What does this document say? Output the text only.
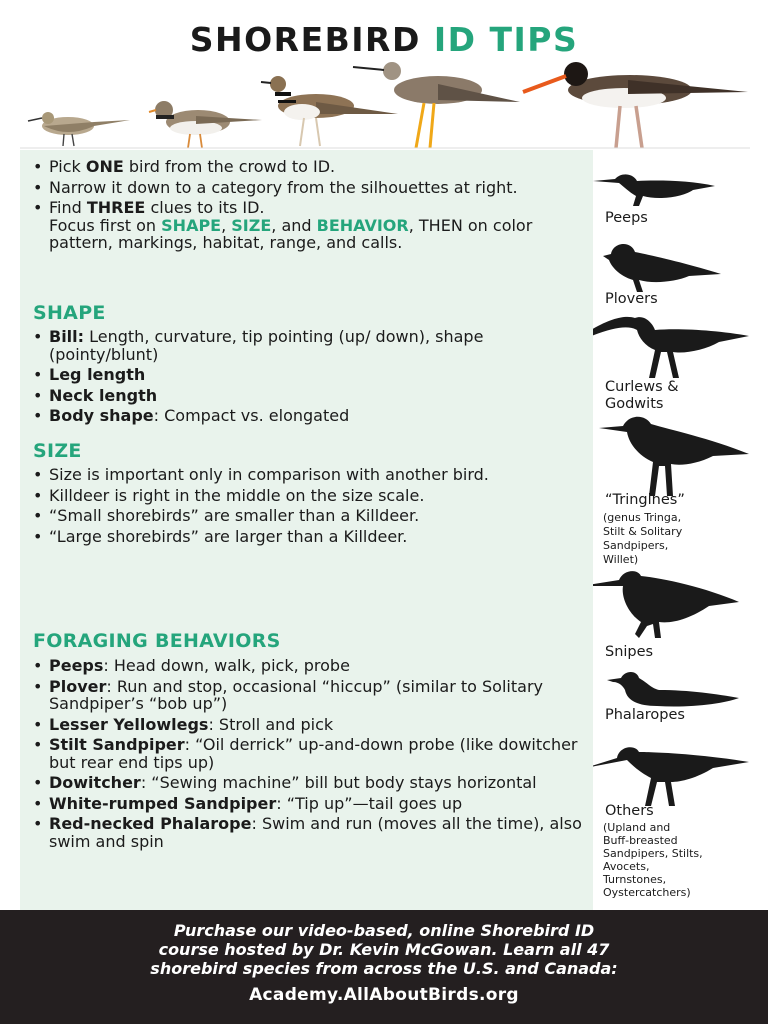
SHOREBIRD ID TIPS
• Pick ONE bird from the crowd to ID.
• Narrow it down to a category from the silhouettes at right.
• Find THREE clues to its ID.
Focus first on SHAPE, SIZE, and BEHAVIOR, THEN on color pattern, markings, habitat, range, and calls.
SHAPE
• Bill: Length, curvature, tip pointing (up/ down), shape (pointy/blunt)
• Leg length
• Neck length
• Body shape: Compact vs. elongated
SIZE
• Size is important only in comparison with another bird.
• Killdeer is right in the middle on the size scale.
• “Small shorebirds” are smaller than a Killdeer.
• “Large shorebirds” are larger than a Killdeer.
FORAGING BEHAVIORS
• Peeps: Head down, walk, pick, probe
• Plover: Run and stop, occasional “hiccup” (similar to Solitary Sandpiper’s “bob up”)
• Lesser Yellowlegs: Stroll and pick
• Stilt Sandpiper: “Oil derrick” up-and-down probe (like dowitcher but rear end tips up)
• Dowitcher: “Sewing machine” bill but body stays horizontal
• White-rumped Sandpiper: “Tip up”—tail goes up
• Red-necked Phalarope: Swim and run (moves all the time), also swim and spin

Peeps

Plovers

Curlews &

Godwits

“Tringines”

(genus Tringa,

Stilt & Solitary

Sandpipers,

Willet)

Snipes

Phalaropes

Others

(Upland and

Buff-breasted

Sandpipers, Stilts,

Avocets,

Turnstones,

Oystercatchers)

Purchase our video-based, online Shorebird ID

course hosted by Dr. Kevin McGowan. Learn all 47

shorebird species from across the U.S. and Canada:

Academy.AllAboutBirds.org
